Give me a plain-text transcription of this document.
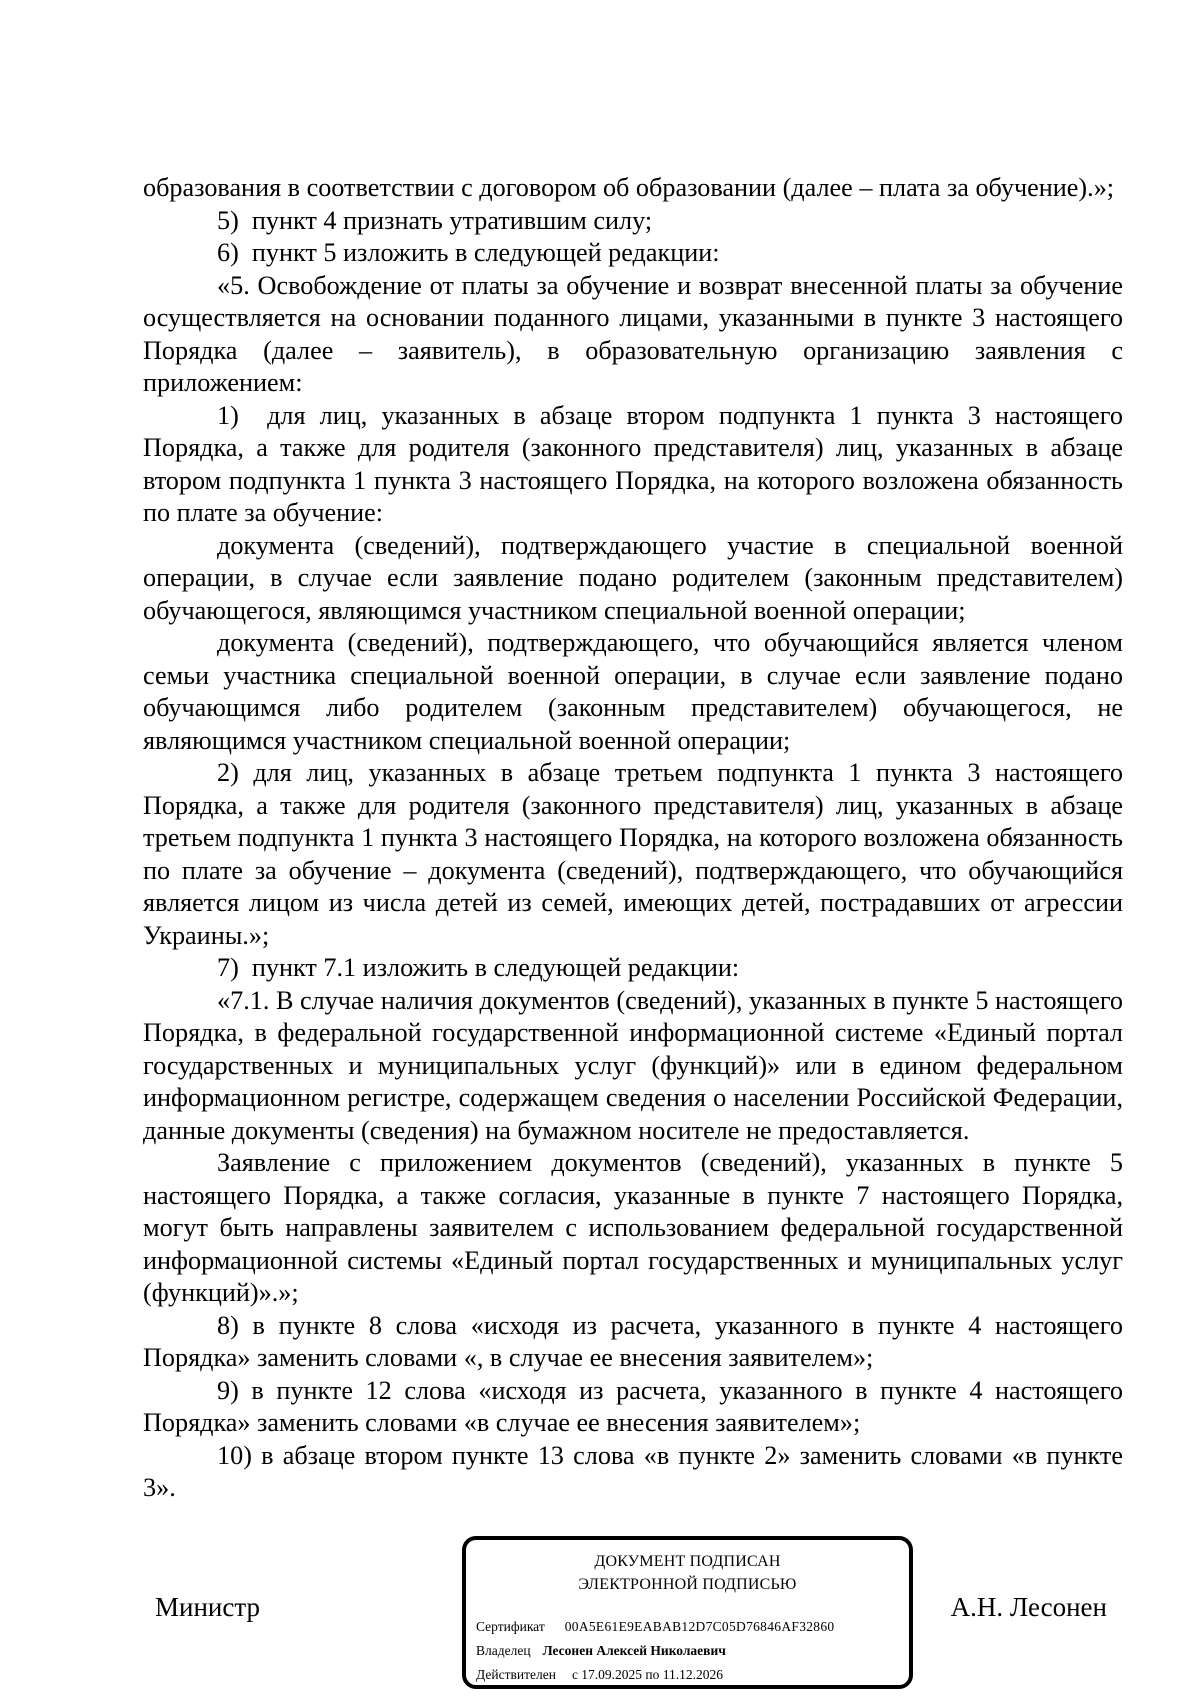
образования в соответствии с договором об образовании (далее – плата за обучение).»;

5)  пункт 4 признать утратившим силу;

6)  пункт 5 изложить в следующей редакции:

«5. Освобождение от платы за обучение и возврат внесенной платы за обучение осуществляется на основании поданного лицами, указанными в пункте 3 настоящего Порядка (далее – заявитель), в образовательную организацию заявления с приложением:

1)  для лиц, указанных в абзаце втором подпункта 1 пункта 3 настоящего Порядка, а также для родителя (законного представителя) лиц, указанных в абзаце втором подпункта 1 пункта 3 настоящего Порядка, на которого возложена обязанность по плате за обучение:

документа (сведений), подтверждающего участие в специальной военной операции, в случае если заявление подано родителем (законным представителем) обучающегося, являющимся участником специальной военной операции;

документа (сведений), подтверждающего, что обучающийся является членом семьи участника специальной военной операции, в случае если заявление подано обучающимся либо родителем (законным представителем) обучающегося, не являющимся участником специальной военной операции;

2) для лиц, указанных в абзаце третьем подпункта 1 пункта 3 настоящего Порядка, а также для родителя (законного представителя) лиц, указанных в абзаце третьем подпункта 1 пункта 3 настоящего Порядка, на которого возложена обязанность по плате за обучение – документа (сведений), подтверждающего, что обучающийся является лицом из числа детей из семей, имеющих детей, пострадавших от агрессии Украины.»;

7)  пункт 7.1 изложить в следующей редакции:

«7.1. В случае наличия документов (сведений), указанных в пункте 5 настоящего Порядка, в федеральной государственной информационной системе «Единый портал государственных и муниципальных услуг (функций)» или в едином федеральном информационном регистре, содержащем сведения о населении Российской Федерации, данные документы (сведения) на бумажном носителе не предоставляется.

Заявление с приложением документов (сведений), указанных в пункте 5 настоящего Порядка, а также согласия, указанные в пункте 7 настоящего Порядка, могут быть направлены заявителем с использованием федеральной государственной информационной системы «Единый портал государственных и муниципальных услуг (функций)».»;

8) в пункте 8 слова «исходя из расчета, указанного в пункте 4 настоящего Порядка» заменить словами «, в случае ее внесения заявителем»;

9) в пункте 12 слова «исходя из расчета, указанного в пункте 4 настоящего Порядка» заменить словами «в случае ее внесения заявителем»;

10) в абзаце втором пункте 13 слова «в пункте 2» заменить словами «в пункте 3».

Министр	А.Н. Лесонен
ДОКУМЕНТ ПОДПИСАН
ЭЛЕКТРОННОЙ ПОДПИСЬЮ
Сертификат 00A5E61E9EABAB12D7C05D76846AF32860
Владелец Лесонен Алексей Николаевич
Действителен с 17.09.2025 по 11.12.2026
